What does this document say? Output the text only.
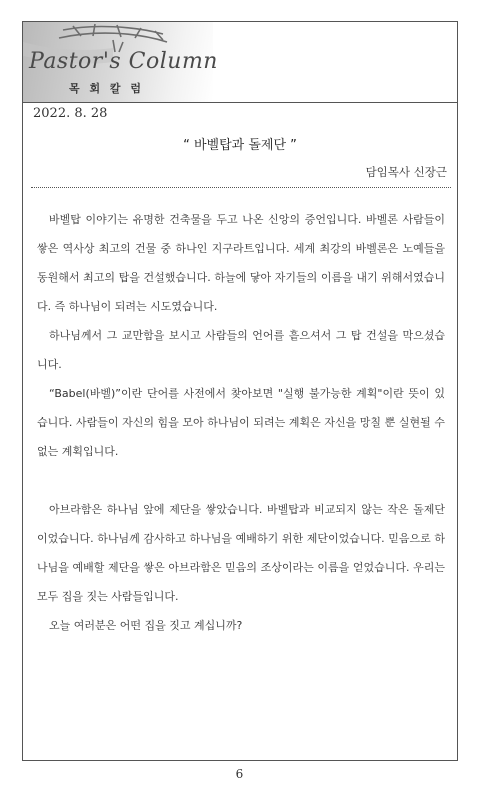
Pastor's Column
목 회 칼 럼
2022. 8. 28
“ 바벨탑과 돌제단 ”
담임목사 신장근

바벨탑 이야기는 유명한 건축물을 두고 나온 신앙의 증언입니다. 바벨론 사람들이 쌓은 역사상 최고의 건물 중 하나인 지구라트입니다. 세계 최강의 바벨론은 노예들을 동원해서 최고의 탑을 건설했습니다. 하늘에 닿아 자기들의 이름을 내기 위해서였습니다. 즉 하나님이 되려는 시도였습니다.

하나님께서 그 교만함을 보시고 사람들의 언어를 흩으셔서 그 탑 건설을 막으셨습니다.

“Babel(바벨)”이란 단어를 사전에서 찾아보면 "실행 불가능한 계획"이란 뜻이 있습니다. 사람들이 자신의 힘을 모아 하나님이 되려는 계획은 자신을 망칠 뿐 실현될 수 없는 계획입니다.

아브라함은 하나님 앞에 제단을 쌓았습니다. 바벨탑과 비교되지 않는 작은 돌제단이었습니다. 하나님께 감사하고 하나님을 예배하기 위한 제단이었습니다. 믿음으로 하나님을 예배할 제단을 쌓은 아브라함은 믿음의 조상이라는 이름을 얻었습니다. 우리는 모두 집을 짓는 사람들입니다.

오늘 여러분은 어떤 집을 짓고 계십니까?

6
